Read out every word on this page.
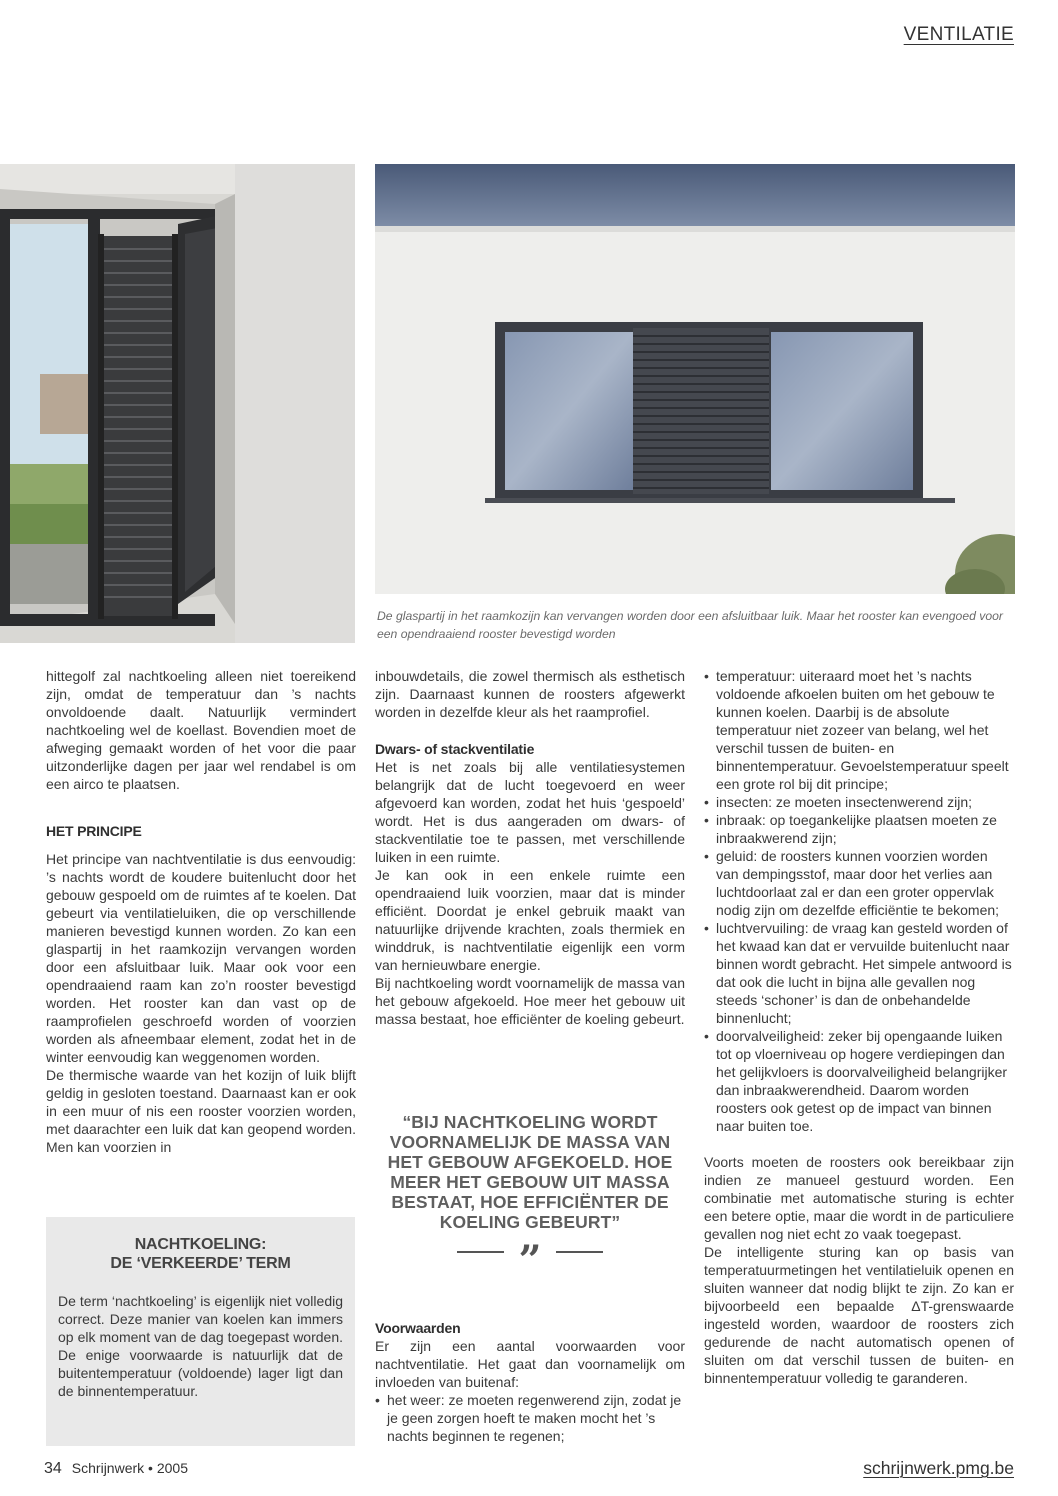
VENTILATIE
De glaspartij in het raamkozijn kan vervangen worden door een afsluitbaar luik. Maar het rooster kan evengoed voor een opendraaiend rooster bevestigd worden

hittegolf zal nachtkoeling alleen niet toereikend zijn, omdat de temperatuur dan ’s nachts onvoldoende daalt. Natuurlijk vermindert nachtkoeling wel de koellast. Bovendien moet de afweging gemaakt worden of het voor die paar uitzonderlijke dagen per jaar wel rendabel is om een airco te plaatsen.

HET PRINCIPE

Het principe van nachtventilatie is dus eenvoudig: ’s nachts wordt de koudere buitenlucht door het gebouw gespoeld om de ruimtes af te koelen. Dat gebeurt via ventilatieluiken, die op verschillende manieren bevestigd kunnen worden. Zo kan een glaspartij in het raamkozijn vervangen worden door een afsluitbaar luik. Maar ook voor een opendraaiend raam kan zo’n rooster bevestigd worden. Het rooster kan dan vast op de raamprofielen geschroefd worden of voorzien worden als afneembaar element, zodat het in de winter eenvoudig kan weggenomen worden.

De thermische waarde van het kozijn of luik blijft geldig in gesloten toestand. Daarnaast kan er ook in een muur of nis een rooster voorzien worden, met daarachter een luik dat kan geopend worden. Men kan voorzien in

NACHTKOELING:
DE ‘VERKEERDE’ TERM

De term ‘nachtkoeling’ is eigenlijk niet volledig correct. Deze manier van koelen kan immers op elk moment van de dag toegepast worden. De enige voorwaarde is natuurlijk dat de buitentemperatuur (voldoende) lager ligt dan de binnentemperatuur.

inbouwdetails, die zowel thermisch als esthetisch zijn. Daarnaast kunnen de roosters afgewerkt worden in dezelfde kleur als het raamprofiel.

Dwars- of stackventilatie

Het is net zoals bij alle ventilatiesystemen belangrijk dat de lucht toegevoerd en weer afgevoerd kan worden, zodat het huis ‘gespoeld’ wordt. Het is dus aangeraden om dwars- of stackventilatie toe te passen, met verschillende luiken in een ruimte.

Je kan ook in een enkele ruimte een opendraaiend luik voorzien, maar dat is minder efficiënt. Doordat je enkel gebruik maakt van natuurlijke drijvende krachten, zoals thermiek en winddruk, is nachtventilatie eigenlijk een vorm van hernieuwbare energie.

Bij nachtkoeling wordt voornamelijk de massa van het gebouw afgekoeld. Hoe meer het gebouw uit massa bestaat, hoe efficiënter de koeling gebeurt.

“BIJ NACHTKOELING WORDT VOORNAMELIJK DE MASSA VAN HET GEBOUW AFGEKOELD. HOE MEER HET GEBOUW UIT MASSA BESTAAT, HOE EFFICIËNTER DE KOELING GEBEURT”
”
Voorwaarden

Er zijn een aantal voorwaarden voor nachtventilatie. Het gaat dan voornamelijk om invloeden van buitenaf:

• het weer: ze moeten regenwerend zijn, zodat je je geen zorgen hoeft te maken mocht het ’s nachts beginnen te regenen;
• temperatuur: uiteraard moet het ’s nachts voldoende afkoelen buiten om het gebouw te kunnen koelen. Daarbij is de absolute temperatuur niet zozeer van belang, wel het verschil tussen de buiten- en binnentemperatuur. Gevoelstemperatuur speelt een grote rol bij dit principe;
• insecten: ze moeten insectenwerend zijn;
• inbraak: op toegankelijke plaatsen moeten ze inbraakwerend zijn;
• geluid: de roosters kunnen voorzien worden van dempingsstof, maar door het verlies aan luchtdoorlaat zal er dan een groter oppervlak nodig zijn om dezelfde efficiëntie te bekomen;
• luchtvervuiling: de vraag kan gesteld worden of het kwaad kan dat er vervuilde buitenlucht naar binnen wordt gebracht. Het simpele antwoord is dat ook die lucht in bijna alle gevallen nog steeds ‘schoner’ is dan de onbehandelde binnenlucht;
• doorvalveiligheid: zeker bij opengaande luiken tot op vloerniveau op hogere verdiepingen dan het gelijkvloers is doorvalveiligheid belangrijker dan inbraakwerendheid. Daarom worden roosters ook getest op de impact van binnen naar buiten toe.

Voorts moeten de roosters ook bereikbaar zijn indien ze manueel gestuurd worden. Een combinatie met automatische sturing is echter een betere optie, maar die wordt in de particuliere gevallen nog niet echt zo vaak toegepast.

De intelligente sturing kan op basis van temperatuurmetingen het ventilatieluik openen en sluiten wanneer dat nodig blijkt te zijn. Zo kan er bijvoorbeeld een bepaalde ΔT-grenswaarde ingesteld worden, waardoor de roosters zich gedurende de nacht automatisch openen of sluiten om dat verschil tussen de buiten- en binnentemperatuur volledig te garanderen.

34 Schrijnwerk • 2005	schrijnwerk.pmg.be
